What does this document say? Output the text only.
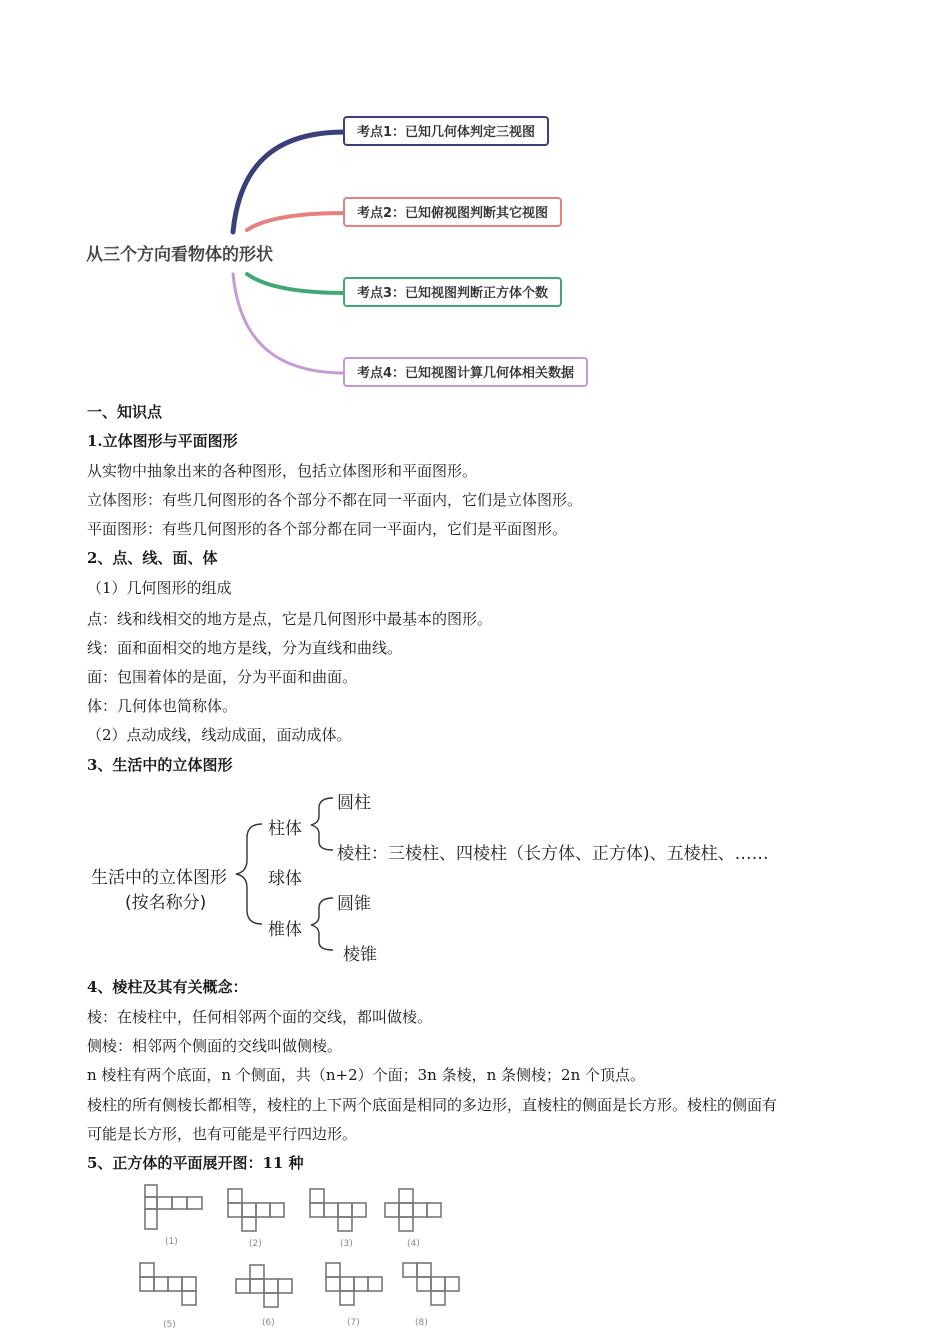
从三个方向看物体的形状
考点1：已知几何体判定三视图
考点2：已知俯视图判断其它视图
考点3：已知视图判断正方体个数
考点4：已知视图计算几何体相关数据
一、知识点
1.立体图形与平面图形
从实物中抽象出来的各种图形，包括立体图形和平面图形。
立体图形：有些几何图形的各个部分不都在同一平面内，它们是立体图形。
平面图形：有些几何图形的各个部分都在同一平面内，它们是平面图形。
2、点、线、面、体
（1）几何图形的组成
点：线和线相交的地方是点，它是几何图形中最基本的图形。
线：面和面相交的地方是线，分为直线和曲线。
面：包围着体的是面，分为平面和曲面。
体：几何体也简称体。
（2）点动成线，线动成面，面动成体。
3、生活中的立体图形
生活中的立体图形
(按名称分)
柱体
圆柱
棱柱：三棱柱、四棱柱（长方体、正方体)、五棱柱、……
球体
椎体
圆锥
棱锥
4、棱柱及其有关概念：
棱：在棱柱中，任何相邻两个面的交线，都叫做棱。
侧棱：相邻两个侧面的交线叫做侧棱。
n 棱柱有两个底面，n 个侧面，共（n+2）个面；3n 条棱，n 条侧棱；2n 个顶点。
棱柱的所有侧棱长都相等，棱柱的上下两个底面是相同的多边形，直棱柱的侧面是长方形。棱柱的侧面有
可能是长方形，也有可能是平行四边形。
5、正方体的平面展开图：11 种
(1)	(2)	(3)	(4)
(5)	(6)	(7)	(8)
